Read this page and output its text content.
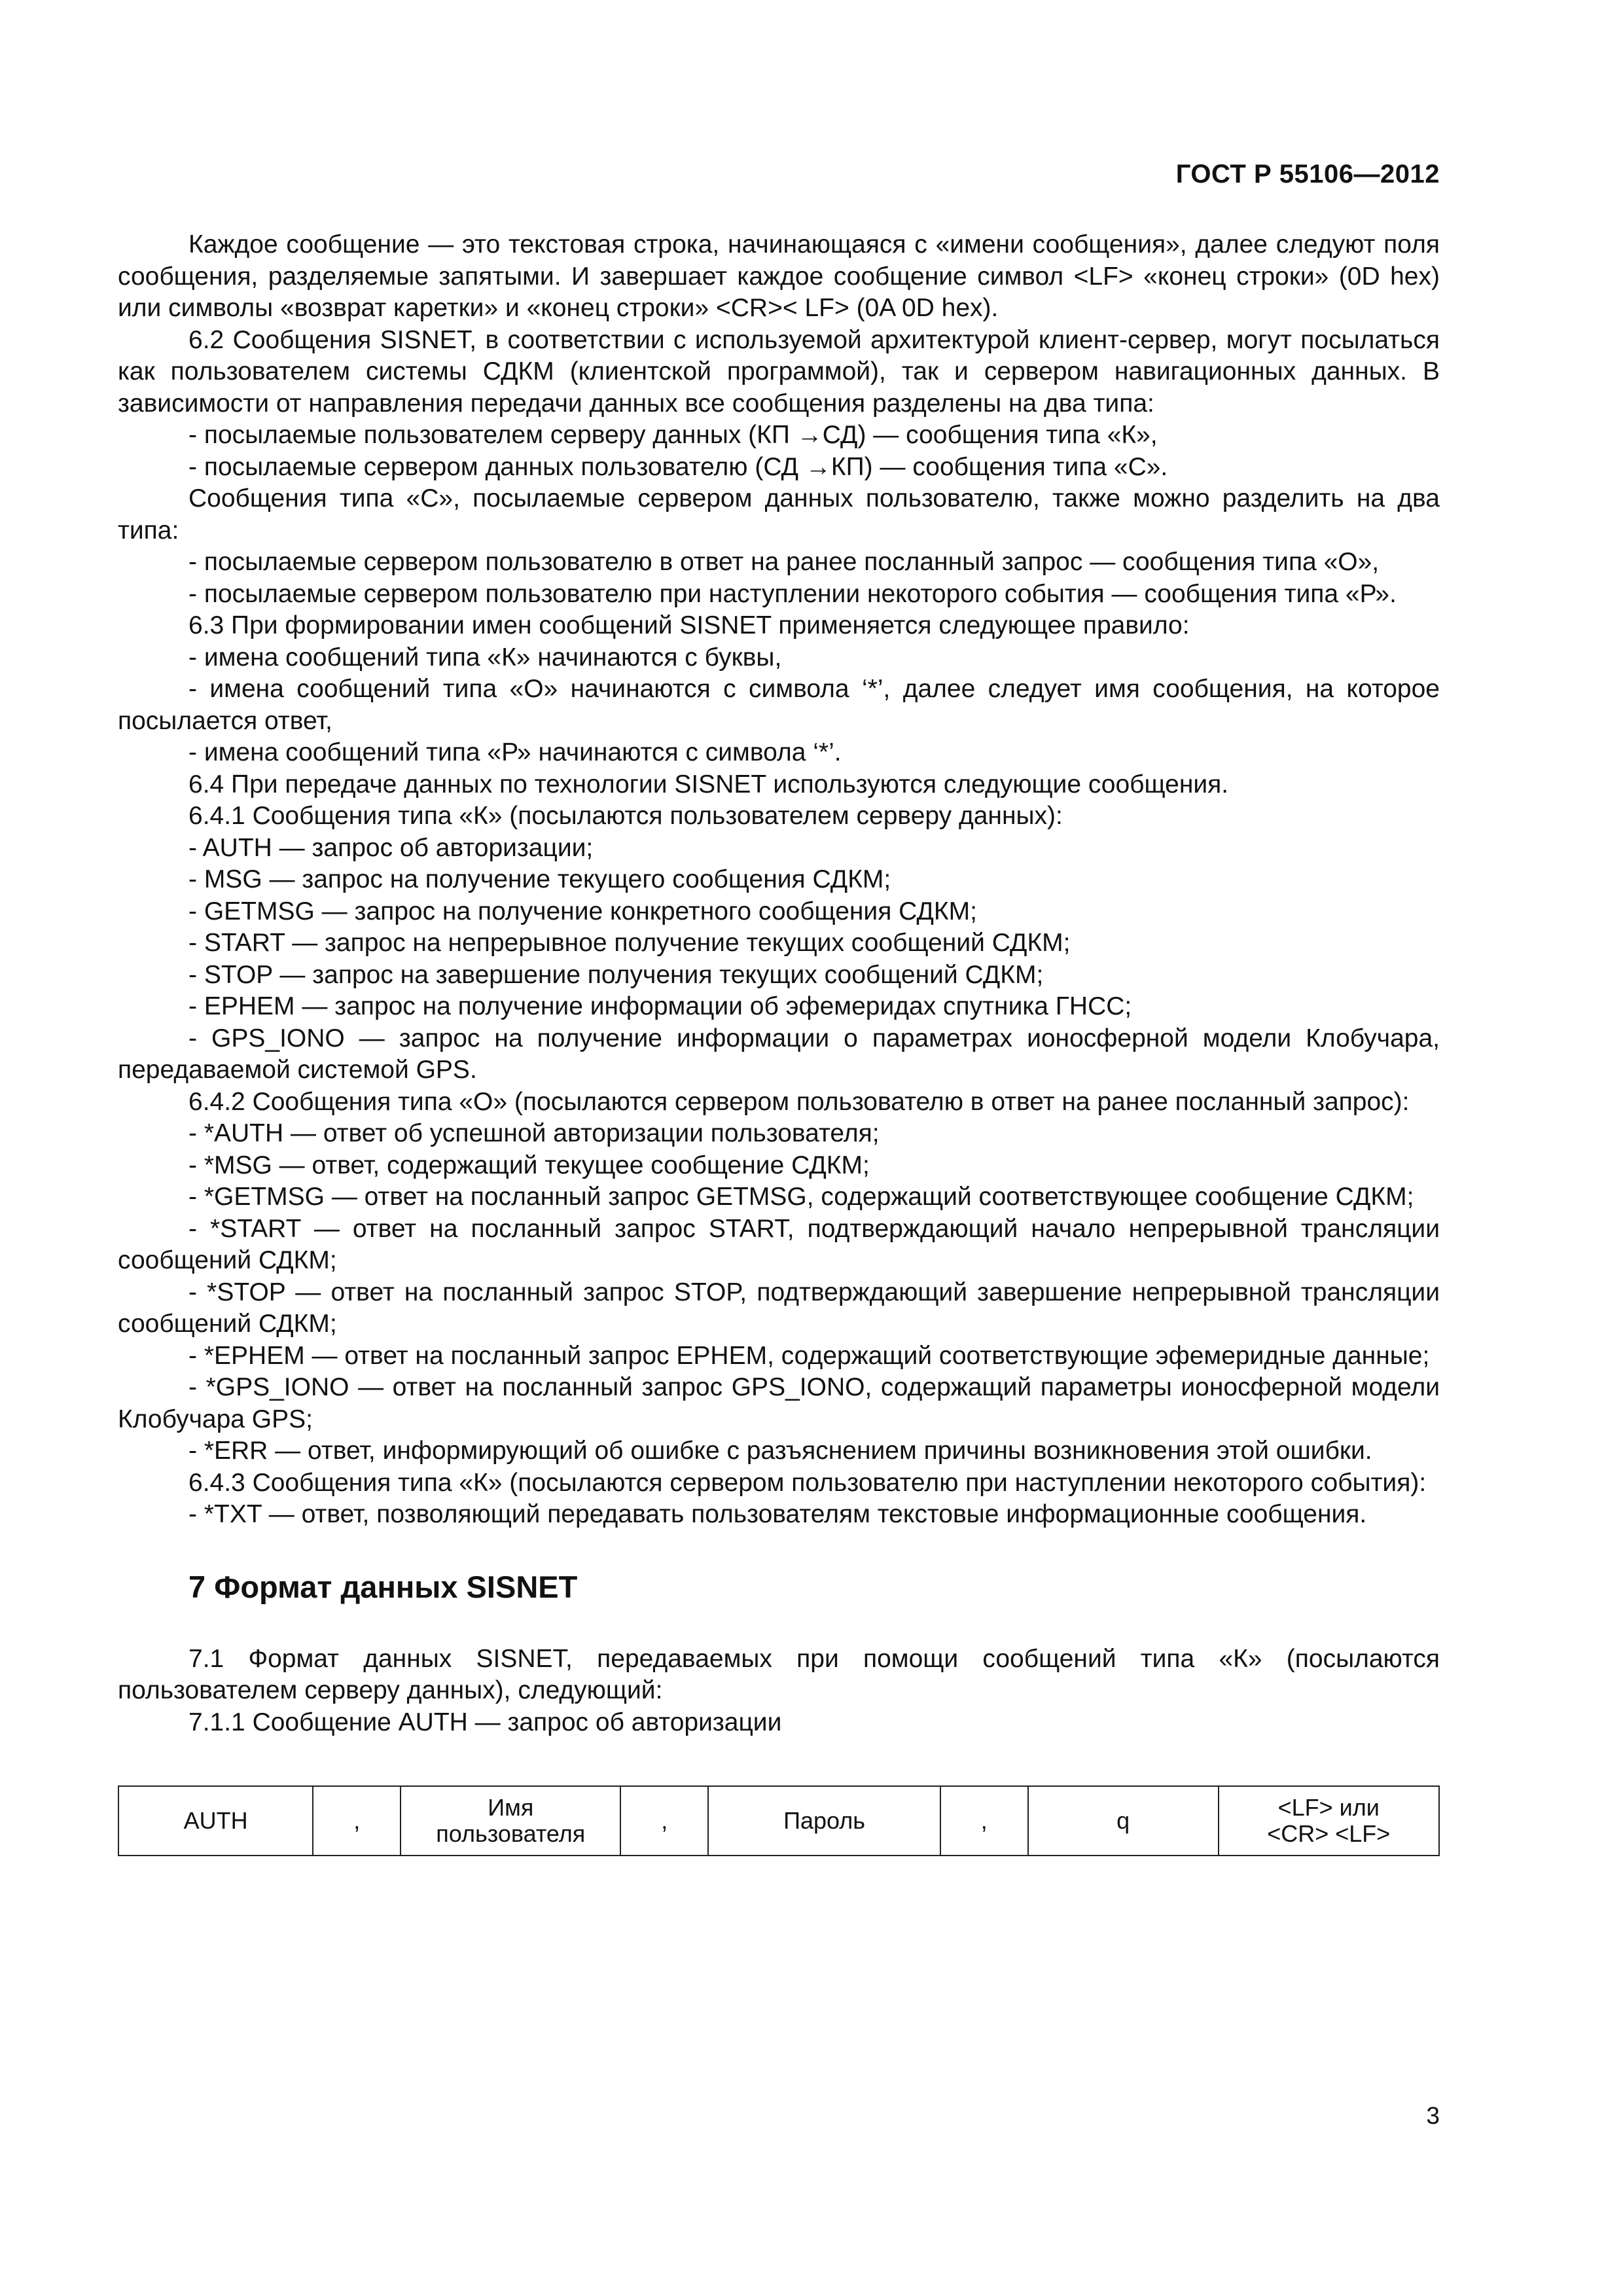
ГОСТ Р 55106—2012

Каждое сообщение — это текстовая строка, начинающаяся с «имени сообщения», далее следуют поля сообщения, разделяемые запятыми. И завершает каждое сообщение символ <LF> «конец строки» (0D hex) или символы «возврат каретки» и «конец строки» <CR>< LF> (0A 0D hex).

6.2 Сообщения SISNET, в соответствии с используемой архитектурой клиент-сервер, могут посылаться как пользователем системы СДКМ (клиентской программой), так и сервером навигационных данных. В зависимости от направления передачи данных все сообщения разделены на два типа:

- посылаемые пользователем серверу данных (КП →СД) — сообщения типа «К»,

- посылаемые сервером данных пользователю (СД →КП) — сообщения типа «С».

Сообщения типа «С», посылаемые сервером данных пользователю, также можно разделить на два типа:

- посылаемые сервером пользователю в ответ на ранее посланный запрос — сообщения типа «О»,

- посылаемые сервером пользователю при наступлении некоторого события — сообщения типа «Р».

6.3 При формировании имен сообщений SISNET применяется следующее правило:

- имена сообщений типа «К» начинаются с буквы,

- имена сообщений типа «О» начинаются с символа ‘*’, далее следует имя сообщения, на которое посылается ответ,

- имена сообщений типа «Р» начинаются с символа ‘*’.

6.4 При передаче данных по технологии SISNET используются следующие сообщения.

6.4.1 Сообщения типа «К» (посылаются пользователем серверу данных):

- AUTH — запрос об авторизации;

- MSG — запрос на получение текущего сообщения СДКМ;

- GETMSG — запрос на получение конкретного сообщения СДКМ;

- START — запрос на непрерывное получение текущих сообщений СДКМ;

- STOP — запрос на завершение получения текущих сообщений СДКМ;

- EPHEM — запрос на получение информации об эфемеридах спутника ГНСС;

- GPS_IONO — запрос на получение информации о параметрах ионосферной модели Клобучара, передаваемой системой GPS.

6.4.2 Сообщения типа «О» (посылаются сервером пользователю в ответ на ранее посланный запрос):

- *AUTH — ответ об успешной авторизации пользователя;

- *MSG — ответ, содержащий текущее сообщение СДКМ;

- *GETMSG — ответ на посланный запрос GETMSG, содержащий соответствующее сообщение СДКМ;

- *START — ответ на посланный запрос START, подтверждающий начало непрерывной трансляции сообщений СДКМ;

- *STOP — ответ на посланный запрос STOP, подтверждающий завершение непрерывной трансляции сообщений СДКМ;

- *EPHEM — ответ на посланный запрос EPHEM, содержащий соответствующие эфемеридные данные;

- *GPS_IONO — ответ на посланный запрос GPS_IONO, содержащий параметры ионосферной модели Клобучара GPS;

- *ERR — ответ, информирующий об ошибке с разъяснением причины возникновения этой ошибки.

6.4.3 Сообщения типа «К» (посылаются сервером пользователю при наступлении некоторого события):

- *TXT — ответ, позволяющий передавать пользователям текстовые информационные сообщения.

7 Формат данных SISNET

7.1 Формат данных SISNET, передаваемых при помощи сообщений типа «К» (посылаются пользователем серверу данных), следующий:

7.1.1 Сообщение AUTH — запрос об авторизации

AUTH	,	Имя пользователя	,	Пароль	,	q	<LF> или <CR> <LF>
3
